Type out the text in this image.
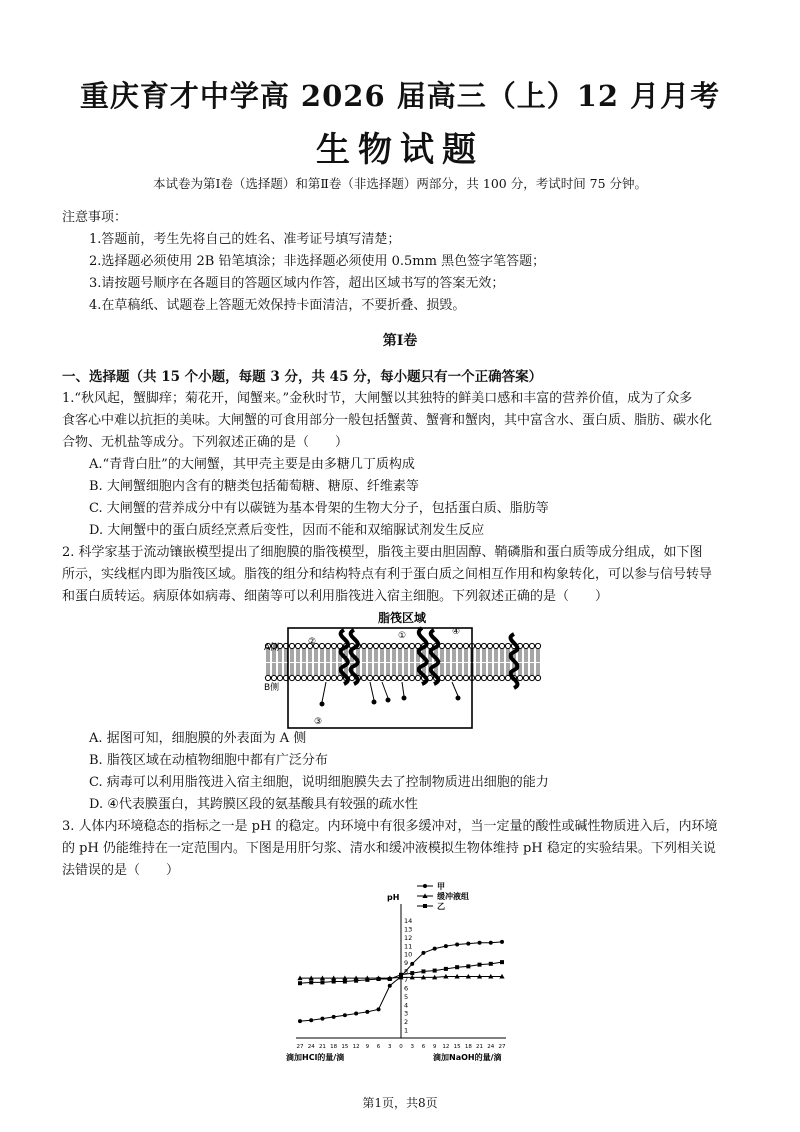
重庆育才中学高 2026 届高三（上）12 月月考
生物试题
本试卷为第Ⅰ卷（选择题）和第Ⅱ卷（非选择题）两部分，共 100 分，考试时间 75 分钟。
注意事项：
1.答题前，考生先将自己的姓名、准考证号填写清楚；
2.选择题必须使用 2B 铅笔填涂；非选择题必须使用 0.5mm 黑色签字笔答题；
3.请按题号顺序在各题目的答题区域内作答，超出区域书写的答案无效；
4.在草稿纸、试题卷上答题无效保持卡面清洁，不要折叠、损毁。
第Ⅰ卷
一、选择题（共 15 个小题，每题 3 分，共 45 分，每小题只有一个正确答案）
1.“秋风起，蟹脚痒；菊花开，闻蟹来。”金秋时节，大闸蟹以其独特的鲜美口感和丰富的营养价值，成为了众多
食客心中难以抗拒的美味。大闸蟹的可食用部分一般包括蟹黄、蟹膏和蟹肉，其中富含水、蛋白质、脂肪、碳水化
合物、无机盐等成分。下列叙述正确的是（　　）
A.“青背白肚”的大闸蟹，其甲壳主要是由多糖几丁质构成
B. 大闸蟹细胞内含有的糖类包括葡萄糖、糖原、纤维素等
C. 大闸蟹的营养成分中有以碳链为基本骨架的生物大分子，包括蛋白质、脂肪等
D. 大闸蟹中的蛋白质经烹煮后变性，因而不能和双缩脲试剂发生反应
2. 科学家基于流动镶嵌模型提出了细胞膜的脂筏模型，脂筏主要由胆固醇、鞘磷脂和蛋白质等成分组成，如下图
所示，实线框内即为脂筏区域。脂筏的组分和结构特点有利于蛋白质之间相互作用和构象转化，可以参与信号转导
和蛋白质转运。病原体如病毒、细菌等可以利用脂筏进入宿主细胞。下列叙述正确的是（　　）
脂筏区域
A侧
B侧
②
①	④
③
A. 据图可知，细胞膜的外表面为 A 侧
B. 脂筏区域在动植物细胞中都有广泛分布
C. 病毒可以利用脂筏进入宿主细胞，说明细胞膜失去了控制物质进出细胞的能力
D. ④代表膜蛋白，其跨膜区段的氨基酸具有较强的疏水性
3. 人体内环境稳态的指标之一是 pH 的稳定。内环境中有很多缓冲对，当一定量的酸性或碱性物质进入后，内环境
的 pH 仍能维持在一定范围内。下图是用肝匀浆、清水和缓冲液模拟生物体维持 pH 稳定的实验结果。下列相关说
法错误的是（　　）
pH
1
2
3
4
5
6
7
8
9
10
11
12
13
14
27 24 21 18 15 12 9 6 3 0 3 6 9 12 15 18 21 24 27
滴加HCl的量/滴	滴加NaOH的量/滴
甲
缓冲液组
乙
第1页，共8页
